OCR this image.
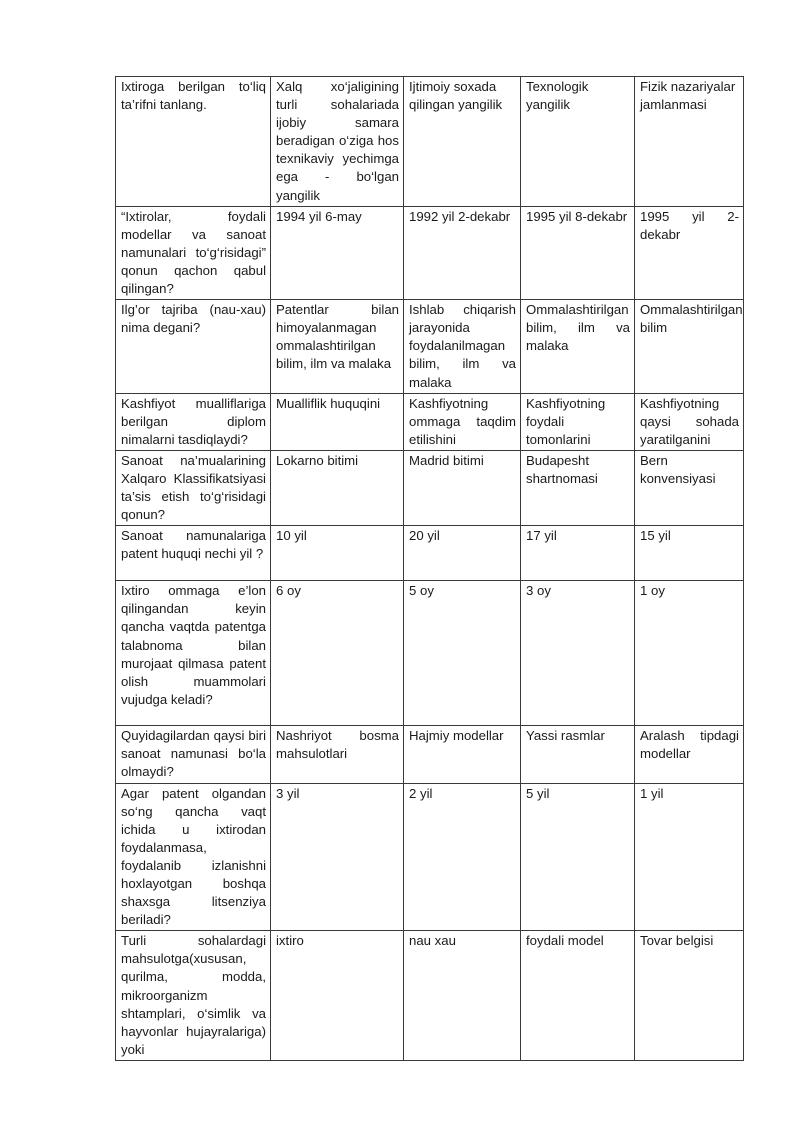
Ixtiroga berilgan to‘liq ta’rifni tanlang.	Xalq xo‘jaligining turli sohalariada ijobiy samara beradigan o‘ziga hos texnikaviy yechimga ega - bo‘lgan yangilik	Ijtimoiy soxada qilingan yangilik	Texnologik yangilik	Fizik nazariyalar jamlanmasi
“Ixtirolar, foydali modellar va sanoat namunalari to‘g‘risidagi” qonun qachon qabul qilingan?	1994 yil 6-may	1992 yil 2-dekabr	1995 yil 8-dekabr	1995 yil 2-dekabr
Ilg’or tajriba (nau-xau) nima degani?	Patentlar bilan himoyalanmagan ommalashtirilgan bilim, ilm va malaka	Ishlab chiqarish jarayonida foydalanilmagan bilim, ilm va malaka	Ommalashtirilgan bilim, ilm va malaka	Ommalashtirilgan bilim
Kashfiyot mualliflariga berilgan diplom nimalarni tasdiqlaydi?	Mualliflik huquqini	Kashfiyotning ommaga taqdim etilishini	Kashfiyotning foydali tomonlarini	Kashfiyotning qaysi sohada yaratilganini
Sanoat na’mualarining Xalqaro Klassifikatsiyasi ta’sis etish to‘g‘risidagi qonun?	Lokarno bitimi	Madrid bitimi	Budapesht shartnomasi	Bern konvensiyasi
Sanoat namunalariga patent huquqi nechi yil ?	10 yil	20 yil	17 yil	15 yil
Ixtiro ommaga e’lon qilingandan keyin qancha vaqtda patentga talabnoma bilan murojaat qilmasa patent olish muammolari vujudga keladi?	6 oy	5 oy	3 oy	1 oy
Quyidagilardan qaysi biri sanoat namunasi bo‘la olmaydi?	Nashriyot bosma mahsulotlari	Hajmiy modellar	Yassi rasmlar	Aralash tipdagi modellar
Agar patent olgandan so‘ng qancha vaqt ichida u ixtirodan foydalanmasa, foydalanib izlanishni hoxlayotgan boshqa shaxsga litsenziya beriladi?	3 yil	2 yil	5 yil	1 yil
Turli sohalardagi mahsulotga(xususan, qurilma, modda, mikroorganizm shtamplari, o‘simlik va hayvonlar hujayralariga) yoki	ixtiro	nau xau	foydali model	Tovar belgisi
